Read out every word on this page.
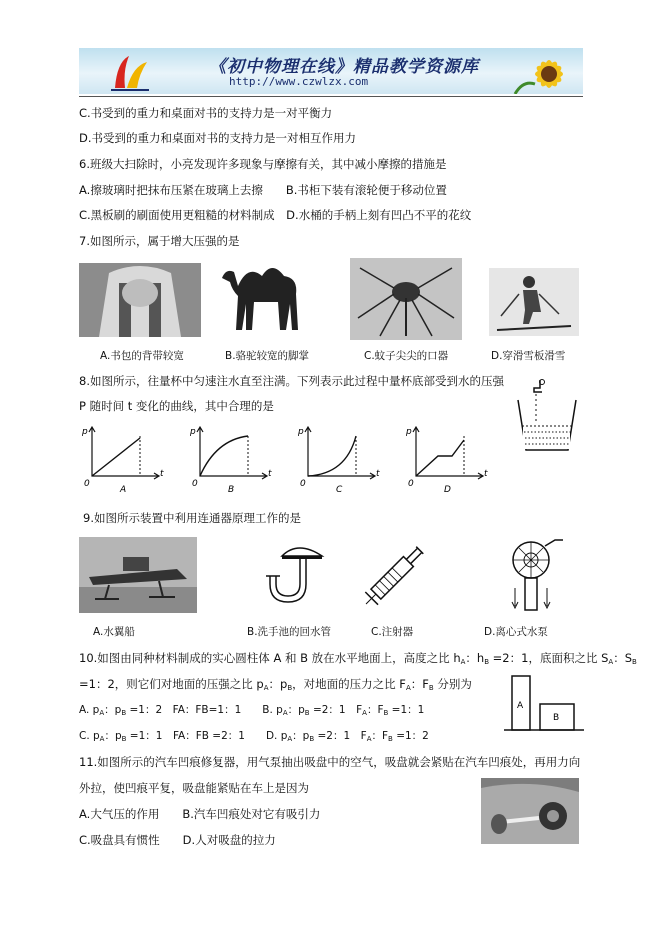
《初中物理在线》精品教学资源库
http://www.czwlzx.com
C.书受到的重力和桌面对书的支持力是一对平衡力
D.书受到的重力和桌面对书的支持力是一对相互作用力
6.班级大扫除时，小亮发现许多现象与摩擦有关，其中减小摩擦的措施是
A.擦玻璃时把抹布压紧在玻璃上去擦　　B.书柜下装有滚轮便于移动位置
C.黑板刷的刷面使用更粗糙的材料制成　D.水桶的手柄上刻有凹凸不平的花纹
7.如图所示，属于增大压强的是
A.书包的背带较宽	B.骆驼较宽的脚掌	C.蚊子尖尖的口器	D.穿滑雪板滑雪
8.如图所示，往量杯中匀速注水直至注满。下列表示此过程中量杯底部受到水的压强
P 随时间 t 变化的曲线，其中合理的是
p
t
0
A
p
t
0
B
p
t
0
C
p
t
0
D
9.如图所示装置中利用连通器原理工作的是
A.水翼船	B.洗手池的回水管	C.注射器	D.离心式水泵
10.如图由同种材料制成的实心圆柱体 A 和 B 放在水平地面上，高度之比 $h_A$：$h_B =2$：1，底面积之比 $S_A$：$S_B$
=1：2，则它们对地面的压强之比 $p_A$：$p_B$，对地面的压力之比 $F_A$：$F_B$ 分别为
A. $p_A$：$p_B =1$：2　FA：FB=1：1　　B. $p_A$：$p_B =2$：1　$F_A$：$F_B =1$：1
C. $p_A$：$p_B =1$：1　FA：FB =2：1　　D. $p_A$：$p_B =2$：1　$F_A$：$F_B =1$：2
A
B
11.如图所示的汽车凹痕修复器，用气泵抽出吸盘中的空气，吸盘就会紧贴在汽车凹痕处，再用力向
外拉，使凹痕平复，吸盘能紧贴在车上是因为
A.大气压的作用　　B.汽车凹痕处对它有吸引力
C.吸盘具有惯性　　D.人对吸盘的拉力
